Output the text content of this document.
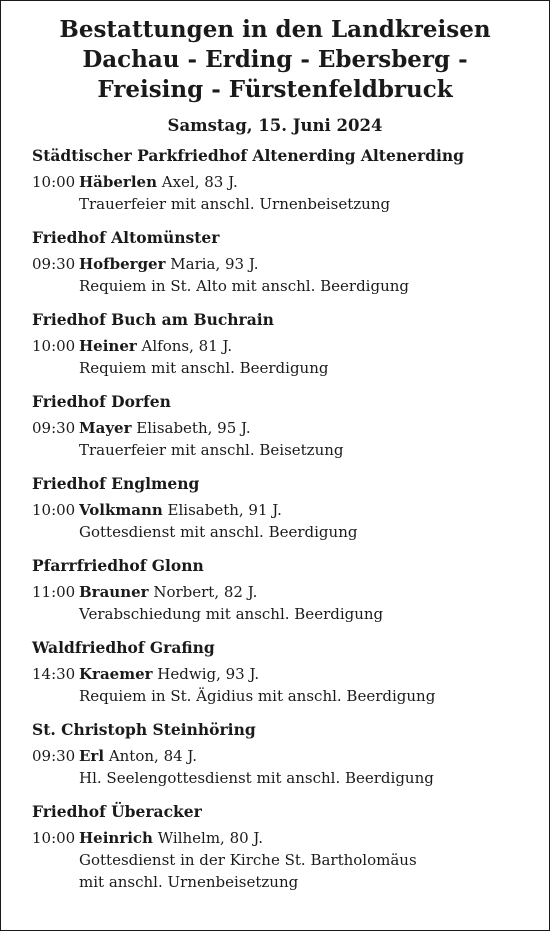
Bestattungen in den Landkreisen
Dachau - Erding - Ebersberg -
Freising - Fürstenfeldbruck
Samstag, 15. Juni 2024
Städtischer Parkfriedhof Altenerding Altenerding
10:00 Häberlen Axel, 83 J.
Trauerfeier mit anschl. Urnenbeisetzung
Friedhof Altomünster
09:30 Hofberger Maria, 93 J.
Requiem in St. Alto mit anschl. Beerdigung
Friedhof Buch am Buchrain
10:00 Heiner Alfons, 81 J.
Requiem mit anschl. Beerdigung
Friedhof Dorfen
09:30 Mayer Elisabeth, 95 J.
Trauerfeier mit anschl. Beisetzung
Friedhof Englmeng
10:00 Volkmann Elisabeth, 91 J.
Gottesdienst mit anschl. Beerdigung
Pfarrfriedhof Glonn
11:00 Brauner Norbert, 82 J.
Verabschiedung mit anschl. Beerdigung
Waldfriedhof Grafing
14:30 Kraemer Hedwig, 93 J.
Requiem in St. Ägidius mit anschl. Beerdigung
St. Christoph Steinhöring
09:30 Erl Anton, 84 J.
Hl. Seelengottesdienst mit anschl. Beerdigung
Friedhof Überacker
10:00 Heinrich Wilhelm, 80 J.
Gottesdienst in der Kirche St. Bartholomäus
mit anschl. Urnenbeisetzung
